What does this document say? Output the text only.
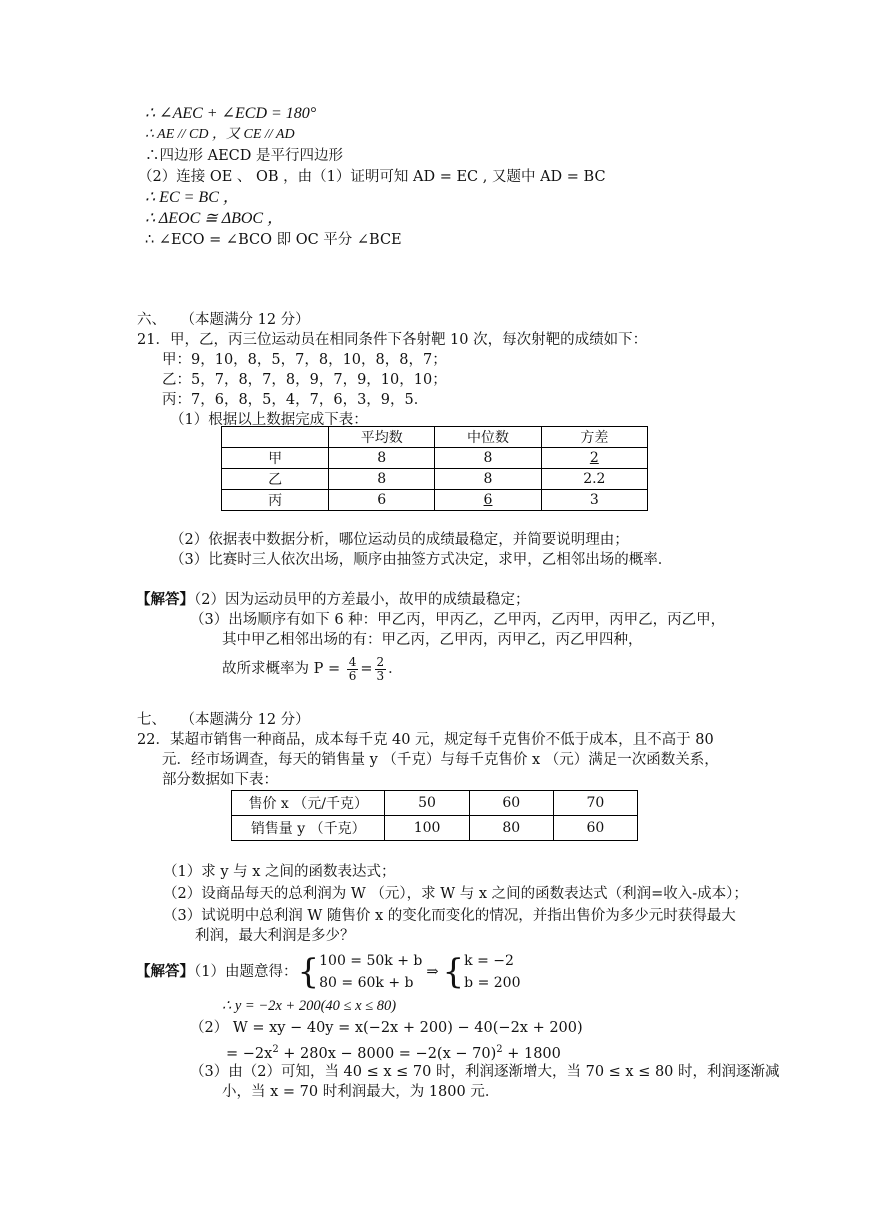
∴ ∠AEC + ∠ECD = 180°
∴ AE // CD ，又 CE // AD
∴四边形 AECD 是平行四边形
（2）连接 OE 、 OB ，由（1）证明可知 AD = EC , 又题中 AD = BC
∴ EC = BC ，
∴ ΔEOC ≅ ΔBOC ，
∴ ∠ECO = ∠BCO 即 OC 平分 ∠BCE
六、　　（本题满分 12 分）
21．甲，乙，丙三位运动员在相同条件下各射靶 10 次，每次射靶的成绩如下：
甲：9，10，8，5，7，8，10，8，8，7；
乙：5，7，8，7，8，9，7，9，10，10；
丙：7，6，8，5，4，7，6，3，9，5．
（1）根据以上数据完成下表：
	平均数	中位数	方差
甲	8	8	2
乙	8	8	2.2
丙	6	6	3
（2）依据表中数据分析，哪位运动员的成绩最稳定，并简要说明理由；
（3）比赛时三人依次出场，顺序由抽签方式决定，求甲，乙相邻出场的概率．
【解答】（2）因为运动员甲的方差最小，故甲的成绩最稳定；
（3）出场顺序有如下 6 种：甲乙丙，甲丙乙，乙甲丙，乙丙甲，丙甲乙，丙乙甲，
其中甲乙相邻出场的有：甲乙丙，乙甲丙，丙甲乙，丙乙甲四种，
故所求概率为 $P = \frac{4}{6} = \frac{2}{3}$ ．
七、　　（本题满分 12 分）
22．某超市销售一种商品，成本每千克 40 元，规定每千克售价不低于成本，且不高于 80
元．经市场调查，每天的销售量 y （千克）与每千克售价 x （元）满足一次函数关系，
部分数据如下表：
售价 x （元/千克）	50	60	70
销售量 y （千克）	100	80	60
（1）求 y 与 x 之间的函数表达式；
（2）设商品每天的总利润为 W （元），求 W 与 x 之间的函数表达式（利润=收入-成本）；
（3）试说明中总利润 W 随售价 x 的变化而变化的情况，并指出售价为多少元时获得最大
利润，最大利润是多少？
【解答】（1）由题意得：{ 100 = 50k + b
80 = 60k + b
⇒ { k = −2
b = 200
∴ y = −2x + 200(40 ≤ x ≤ 80)
（2） W = xy − 40y = x(−2x + 200) − 40(−2x + 200)
= $-2x^2 + 280x - 8000 = -2(x - 70)^2 + 1800$
（3）由（2）可知，当 40 ≤ x ≤ 70 时，利润逐渐增大，当 70 ≤ x ≤ 80 时，利润逐渐减
小，当 x = 70 时利润最大，为 1800 元．
